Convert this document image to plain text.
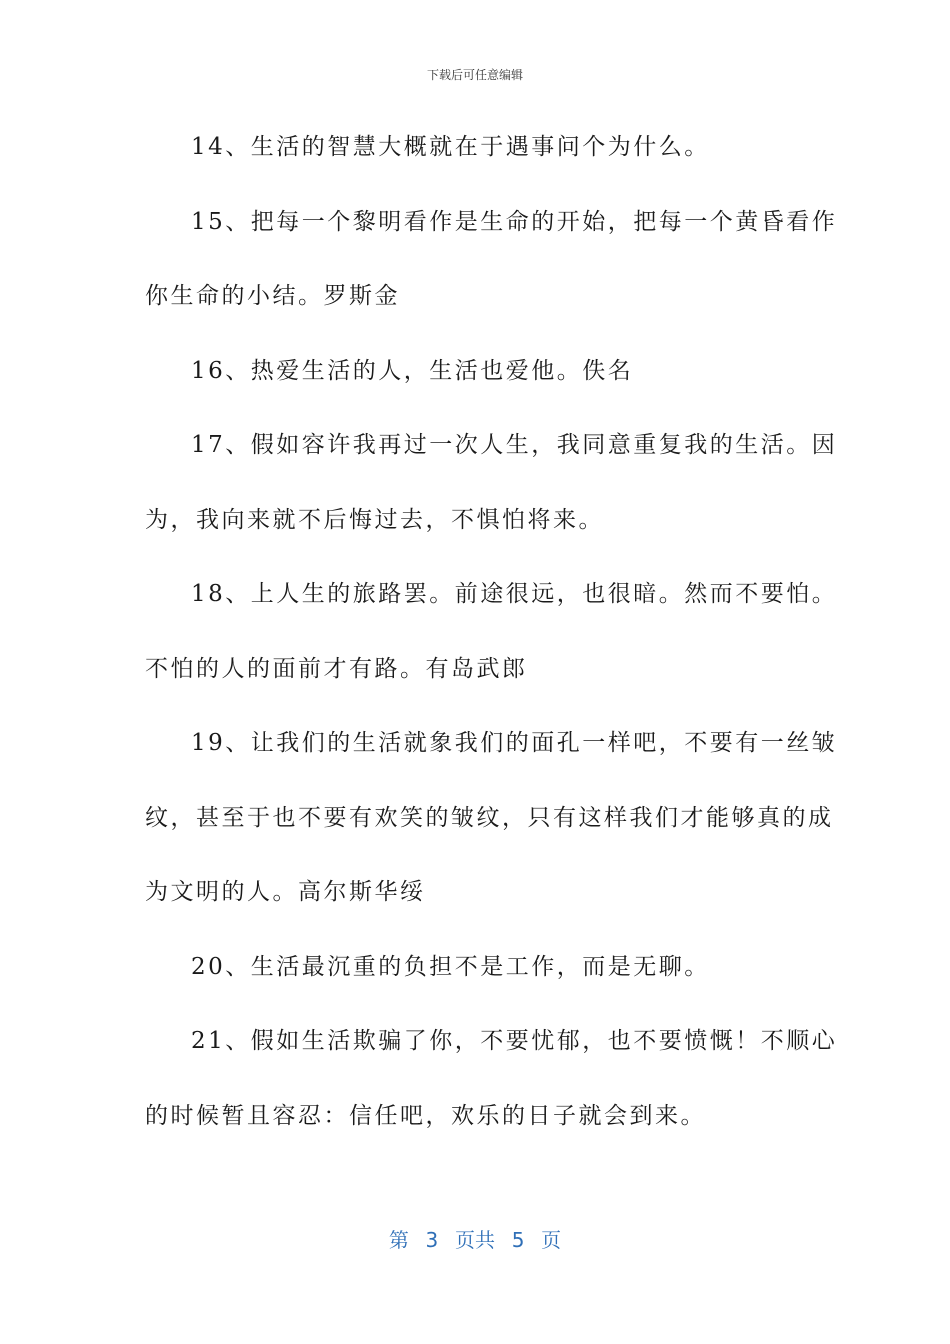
下载后可任意编辑

14、生活的智慧大概就在于遇事问个为什么。

15、把每一个黎明看作是生命的开始，把每一个黄昏看作
你生命的小结。罗斯金

16、热爱生活的人，生活也爱他。佚名

17、假如容许我再过一次人生，我同意重复我的生活。因
为，我向来就不后悔过去，不惧怕将来。

18、上人生的旅路罢。前途很远，也很暗。然而不要怕。
不怕的人的面前才有路。有岛武郎

19、让我们的生活就象我们的面孔一样吧，不要有一丝皱
纹，甚至于也不要有欢笑的皱纹，只有这样我们才能够真的成
为文明的人。高尔斯华绥

20、生活最沉重的负担不是工作，而是无聊。

21、假如生活欺骗了你，不要忧郁，也不要愤慨！不顺心
的时候暂且容忍：信任吧，欢乐的日子就会到来。

第  3  页共  5  页
